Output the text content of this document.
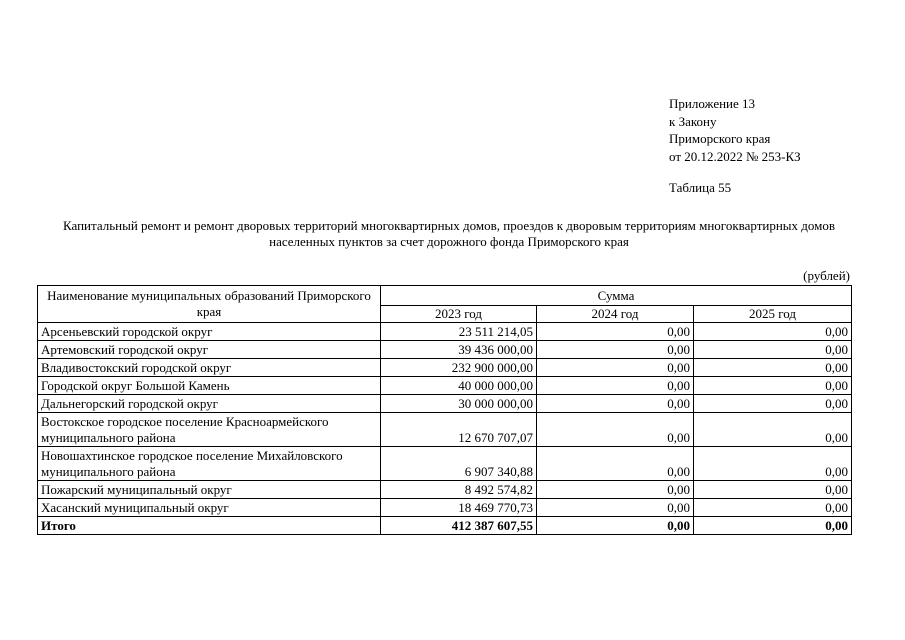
Приложение 13
к Закону
Приморского края
от 20.12.2022 № 253-КЗ
Таблица 55
Капитальный ремонт и ремонт дворовых территорий многоквартирных домов, проездов к дворовым территориям многоквартирных домов населенных пунктов за счет дорожного фонда Приморского края
(рублей)
Наименование муниципальных образований Приморского края	Сумма		
	2023 год	2024 год	2025 год
Арсеньевский городской округ	23 511 214,05	0,00	0,00
Артемовский городской округ	39 436 000,00	0,00	0,00
Владивостокский городской округ	232 900 000,00	0,00	0,00
Городской округ Большой Камень	40 000 000,00	0,00	0,00
Дальнегорский городской округ	30 000 000,00	0,00	0,00
Востокское городское поселение Красноармейского муниципального района	12 670 707,07	0,00	0,00
Новошахтинское городское поселение Михайловского муниципального района	6 907 340,88	0,00	0,00
Пожарский муниципальный округ	8 492 574,82	0,00	0,00
Хасанский муниципальный округ	18 469 770,73	0,00	0,00
Итого	412 387 607,55	0,00	0,00
